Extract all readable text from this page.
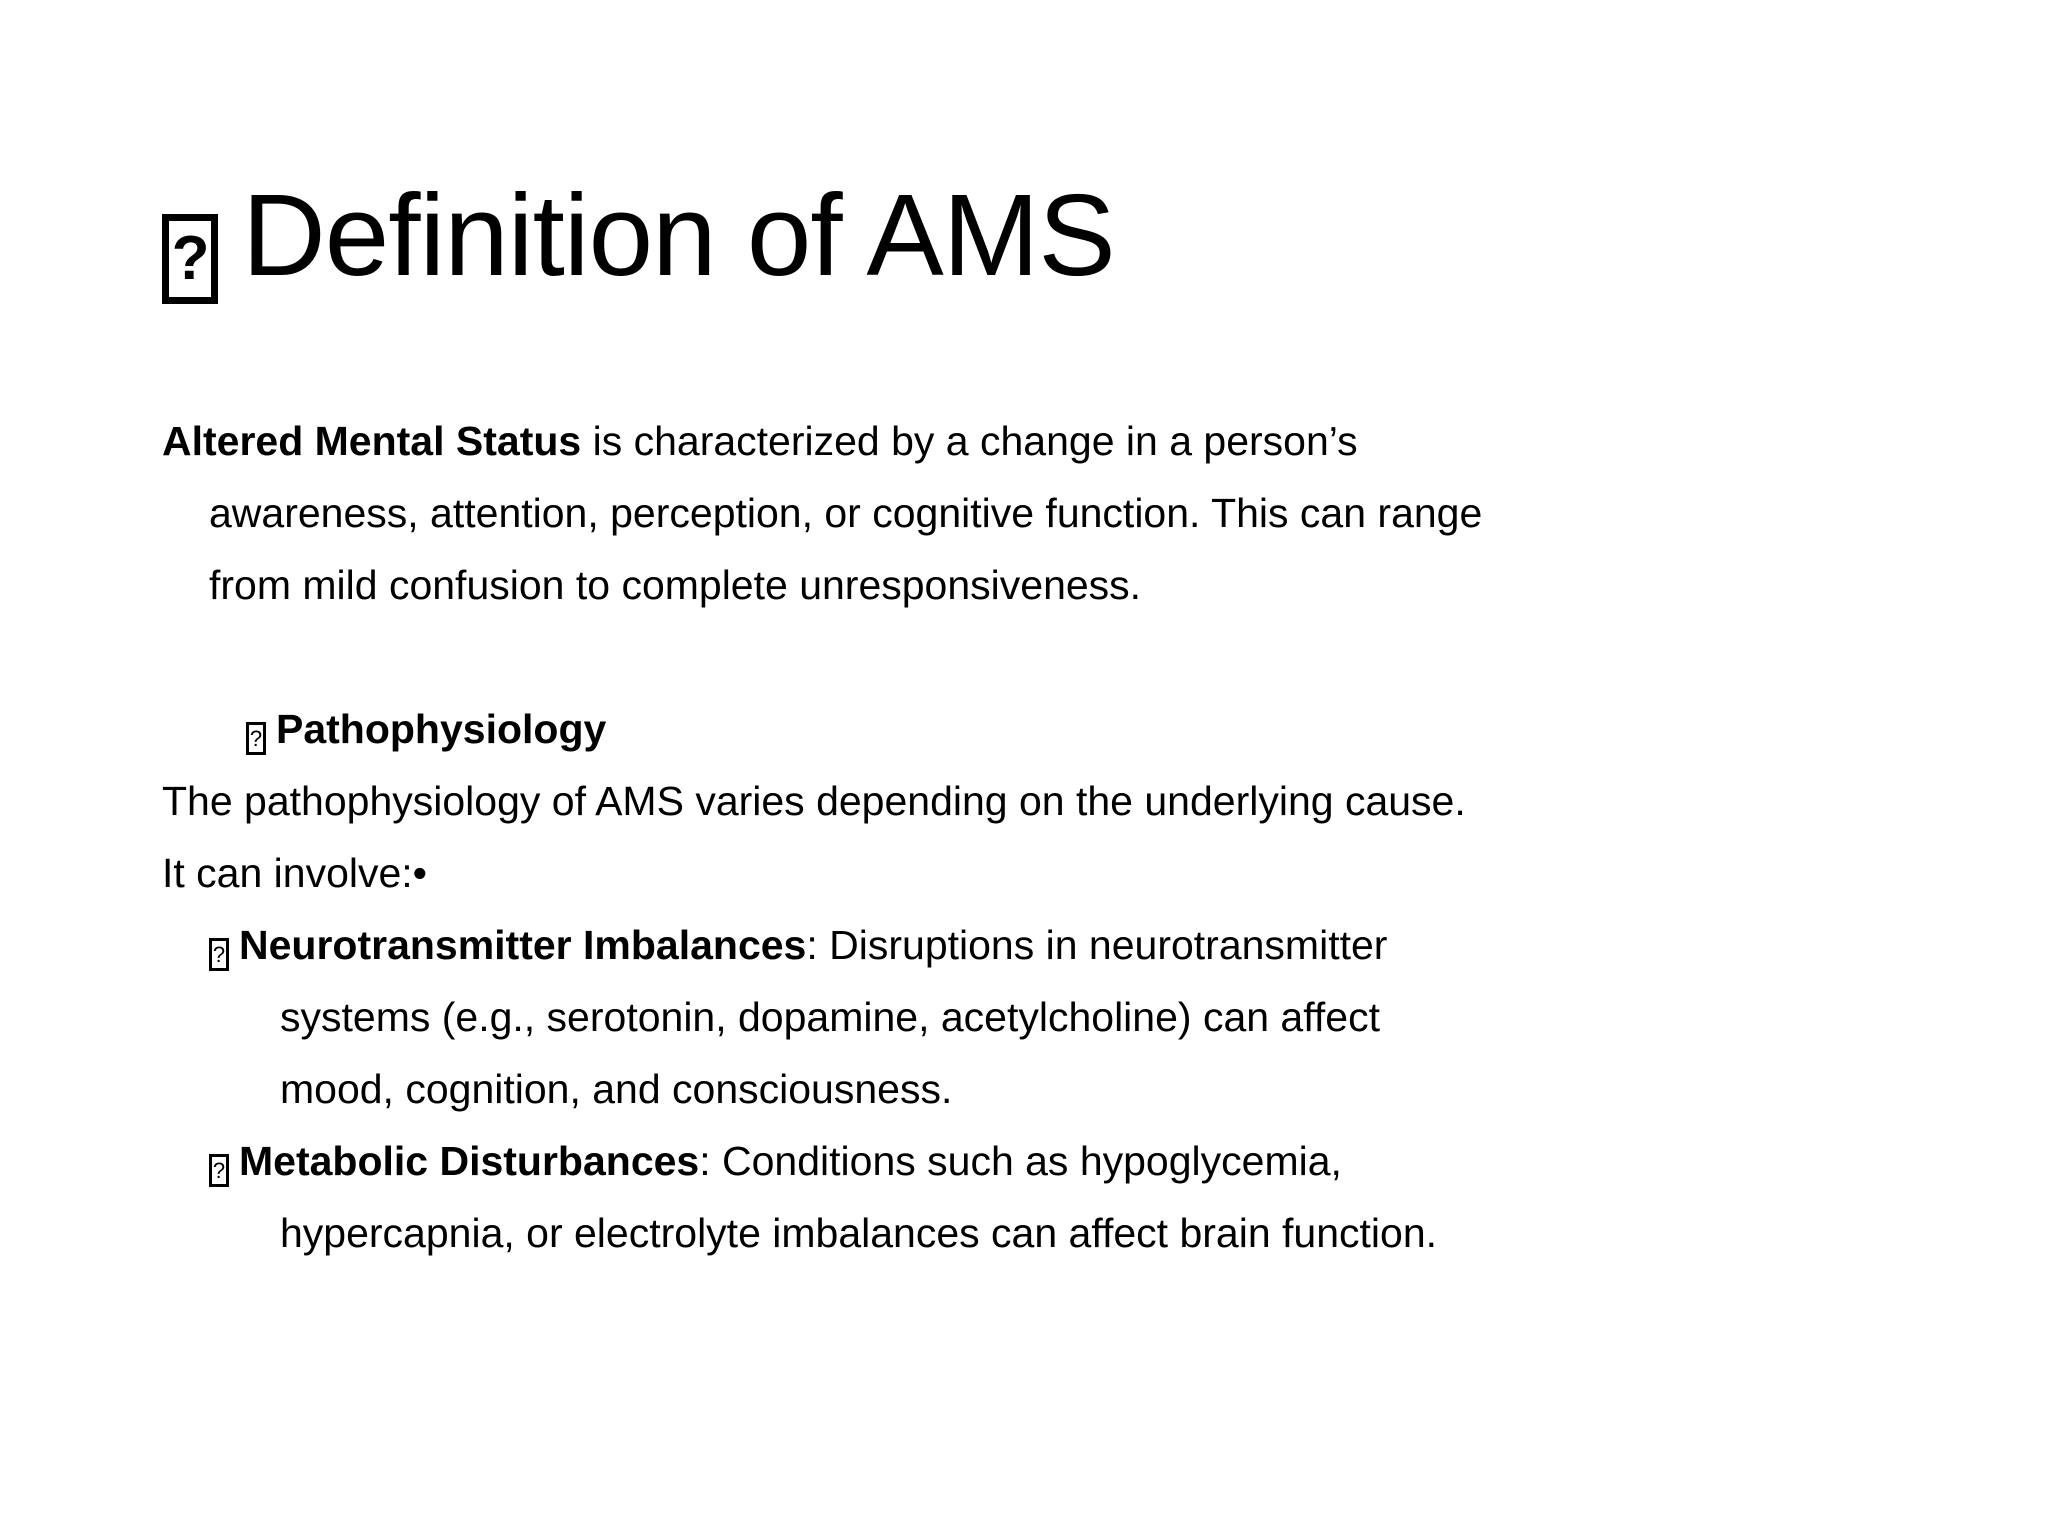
? Definition of AMS
Altered Mental Status is characterized by a change in a person’s
awareness, attention, perception, or cognitive function. This can range
from mild confusion to complete unresponsiveness.
? Pathophysiology
The pathophysiology of AMS varies depending on the underlying cause.
It can involve:•
? Neurotransmitter Imbalances: Disruptions in neurotransmitter
systems (e.g., serotonin, dopamine, acetylcholine) can affect
mood, cognition, and consciousness.
? Metabolic Disturbances: Conditions such as hypoglycemia,
hypercapnia, or electrolyte imbalances can affect brain function.
